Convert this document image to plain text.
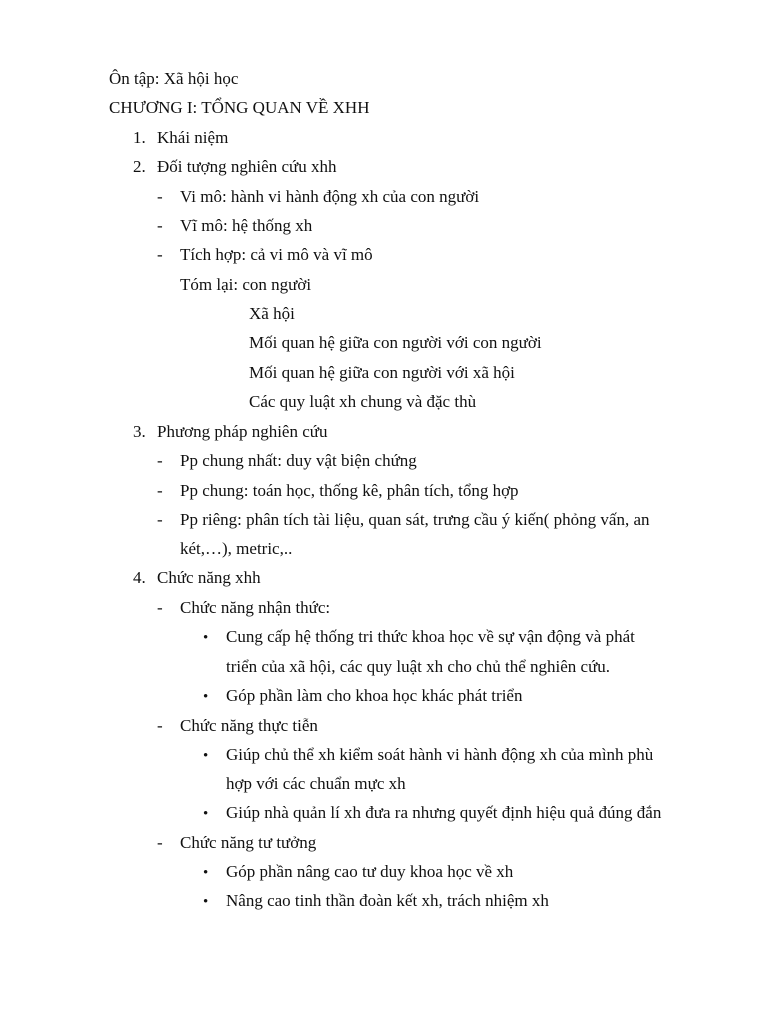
Ôn tập: Xã hội học
CHƯƠNG I: TỔNG QUAN VỀ XHH
1. Khái niệm
2. Đối tượng nghiên cứu xhh
- Vi mô: hành vi hành động xh của con người
- Vĩ mô: hệ thống xh
- Tích hợp: cả vi mô và vĩ mô
Tóm lại: con người
Xã hội
Mối quan hệ giữa con người với con người
Mối quan hệ giữa con người với xã hội
Các quy luật xh chung và đặc thù
3. Phương pháp nghiên cứu
- Pp chung nhất: duy vật biện chứng
- Pp chung: toán học, thống kê, phân tích, tổng hợp
- Pp riêng: phân tích tài liệu, quan sát, trưng cầu ý kiến( phỏng vấn, an
két,…), metric,..
4. Chức năng xhh
- Chức năng nhận thức:
• Cung cấp hệ thống tri thức khoa học về sự vận động và phát
triển của xã hội, các quy luật xh cho chủ thể nghiên cứu.
• Góp phần làm cho khoa học khác phát triển
- Chức năng thực tiễn
• Giúp chủ thể xh kiểm soát hành vi hành động xh của mình phù
hợp với các chuẩn mực xh
• Giúp nhà quản lí xh đưa ra nhưng quyết định hiệu quả đúng đắn
- Chức năng tư tưởng
• Góp phần nâng cao tư duy khoa học về xh
• Nâng cao tinh thần đoàn kết xh, trách nhiệm xh
